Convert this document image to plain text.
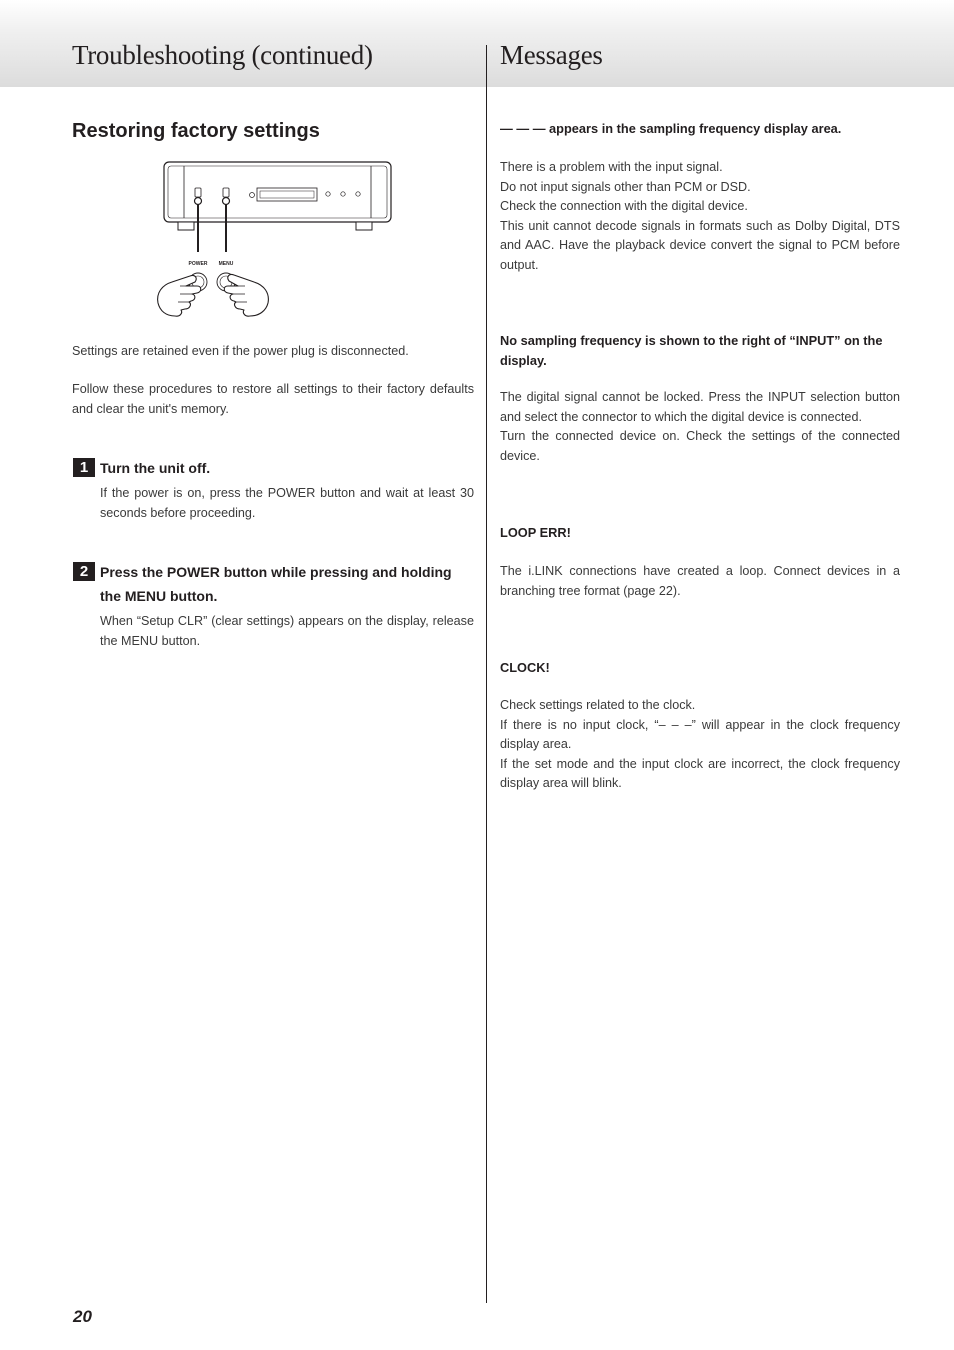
Troubleshooting (continued)	Messages
Restoring factory settings
POWER MENU

Settings are retained even if the power plug is disconnected.

Follow these procedures to restore all settings to their factory defaults and clear the unit's memory.

1 Turn the unit off.

If the power is on, press the POWER button and wait at least 30 seconds before proceeding.

2 Press the POWER button while pressing and holding the MENU button.

When “Setup CLR” (clear settings) appears on the display, release the MENU button.

— — — appears in the sampling frequency display area.

There is a problem with the input signal.
Do not input signals other than PCM or DSD.
Check the connection with the digital device.
This unit cannot decode signals in formats such as Dolby Digital, DTS and AAC. Have the playback device convert the signal to PCM before output.

No sampling frequency is shown to the right of “INPUT” on the display.

The digital signal cannot be locked. Press the INPUT selection button and select the connector to which the digital device is connected.
Turn the connected device on. Check the settings of the connected device.

LOOP ERR!

The i.LINK connections have created a loop. Connect devices in a branching tree format (page 22).

CLOCK!

Check settings related to the clock.
If there is no input clock, “– – –” will appear in the clock frequency display area.
If the set mode and the input clock are incorrect, the clock frequency display area will blink.

20
